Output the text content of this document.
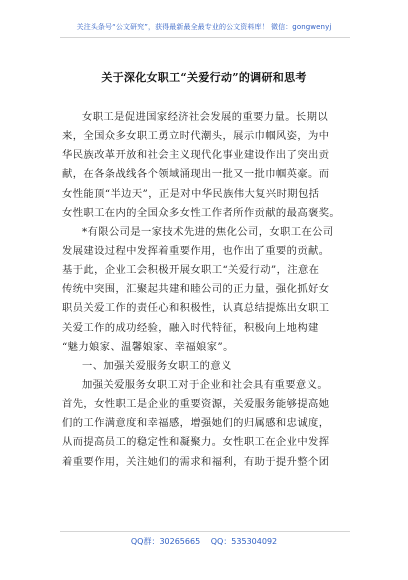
关注头条号“公文研究”，获得最新最全最专业的公文资料库！ 微信：gongwenyj
关于深化女职工“关爱行动”的调研和思考
女职工是促进国家经济社会发展的重要力量。长期以
来，全国众多女职工勇立时代潮头，展示巾帼风姿，为中
华民族改革开放和社会主义现代化事业建设作出了突出贡
献，在各条战线各个领域涌现出一批又一批巾帼英豪。而
女性能顶“半边天”，正是对中华民族伟大复兴时期包括
女性职工在内的全国众多女性工作者所作贡献的最高褒奖。
*有限公司是一家技术先进的焦化公司，女职工在公司
发展建设过程中发挥着重要作用，也作出了重要的贡献。
基于此，企业工会积极开展女职工“关爱行动”，注意在
传统中突围，汇聚起共建和睦公司的正力量，强化抓好女
职员关爱工作的责任心和积极性，认真总结提炼出女职工
关爱工作的成功经验，融入时代特征，积极向上地构建
“魅力娘家、温馨娘家、幸福娘家”。
一、加强关爱服务女职工的意义
加强关爱服务女职工对于企业和社会具有重要意义。
首先，女性职工是企业的重要资源，关爱服务能够提高她
们的工作满意度和幸福感，增强她们的归属感和忠诚度，
从而提高员工的稳定性和凝聚力。女性职工在企业中发挥
着重要作用，关注她们的需求和福利，有助于提升整个团
QQ群：30265665 QQ：535304092
